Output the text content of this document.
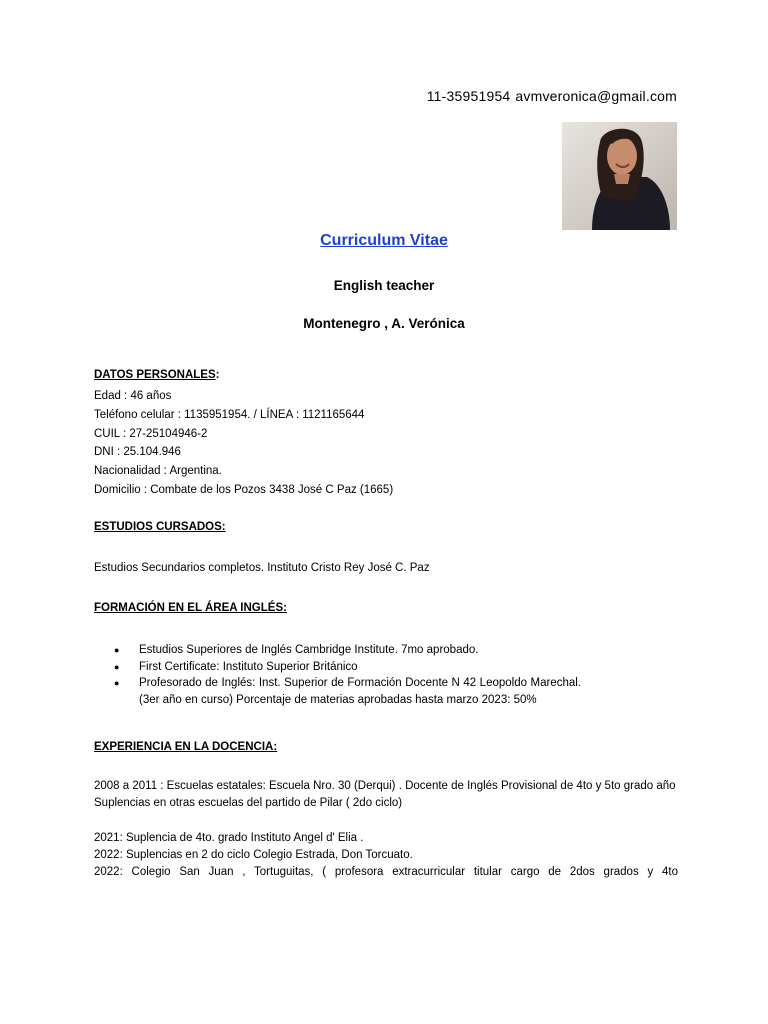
11-35951954 avmveronica@gmail.com
Curriculum Vitae
English teacher
Montenegro , A. Verónica
DATOS PERSONALES:
Edad : 46 años
Teléfono celular : 1135951954. / LÍNEA : 1121165644
CUIL : 27-25104946-2
DNI : 25.104.946
Nacionalidad : Argentina.
Domicilio : Combate de los Pozos 3438 José C Paz (1665)
ESTUDIOS CURSADOS:
Estudios Secundarios completos. Instituto Cristo Rey José C. Paz
FORMACIÓN EN EL ÁREA INGLÉS:
● Estudios Superiores de Inglés Cambridge Institute. 7mo aprobado.
● First Certificate: Instituto Superior Británico
● Profesorado de Inglés: Inst. Superior de Formación Docente N 42 Leopoldo Marechal. (3er año en curso) Porcentaje de materias aprobadas hasta marzo 2023: 50%
EXPERIENCIA EN LA DOCENCIA:
2008 a 2011 : Escuelas estatales: Escuela Nro. 30 (Derqui) . Docente de Inglés Provisional de 4to y 5to grado año Suplencias en otras escuelas del partido de Pilar ( 2do ciclo)
2021: Suplencia de 4to. grado Instituto Angel d' Elia .
2022: Suplencias en 2 do ciclo Colegio Estrada, Don Torcuato.
2022: Colegio San Juan , Tortuguitas, ( profesora extracurricular titular cargo de 2dos grados y 4to
